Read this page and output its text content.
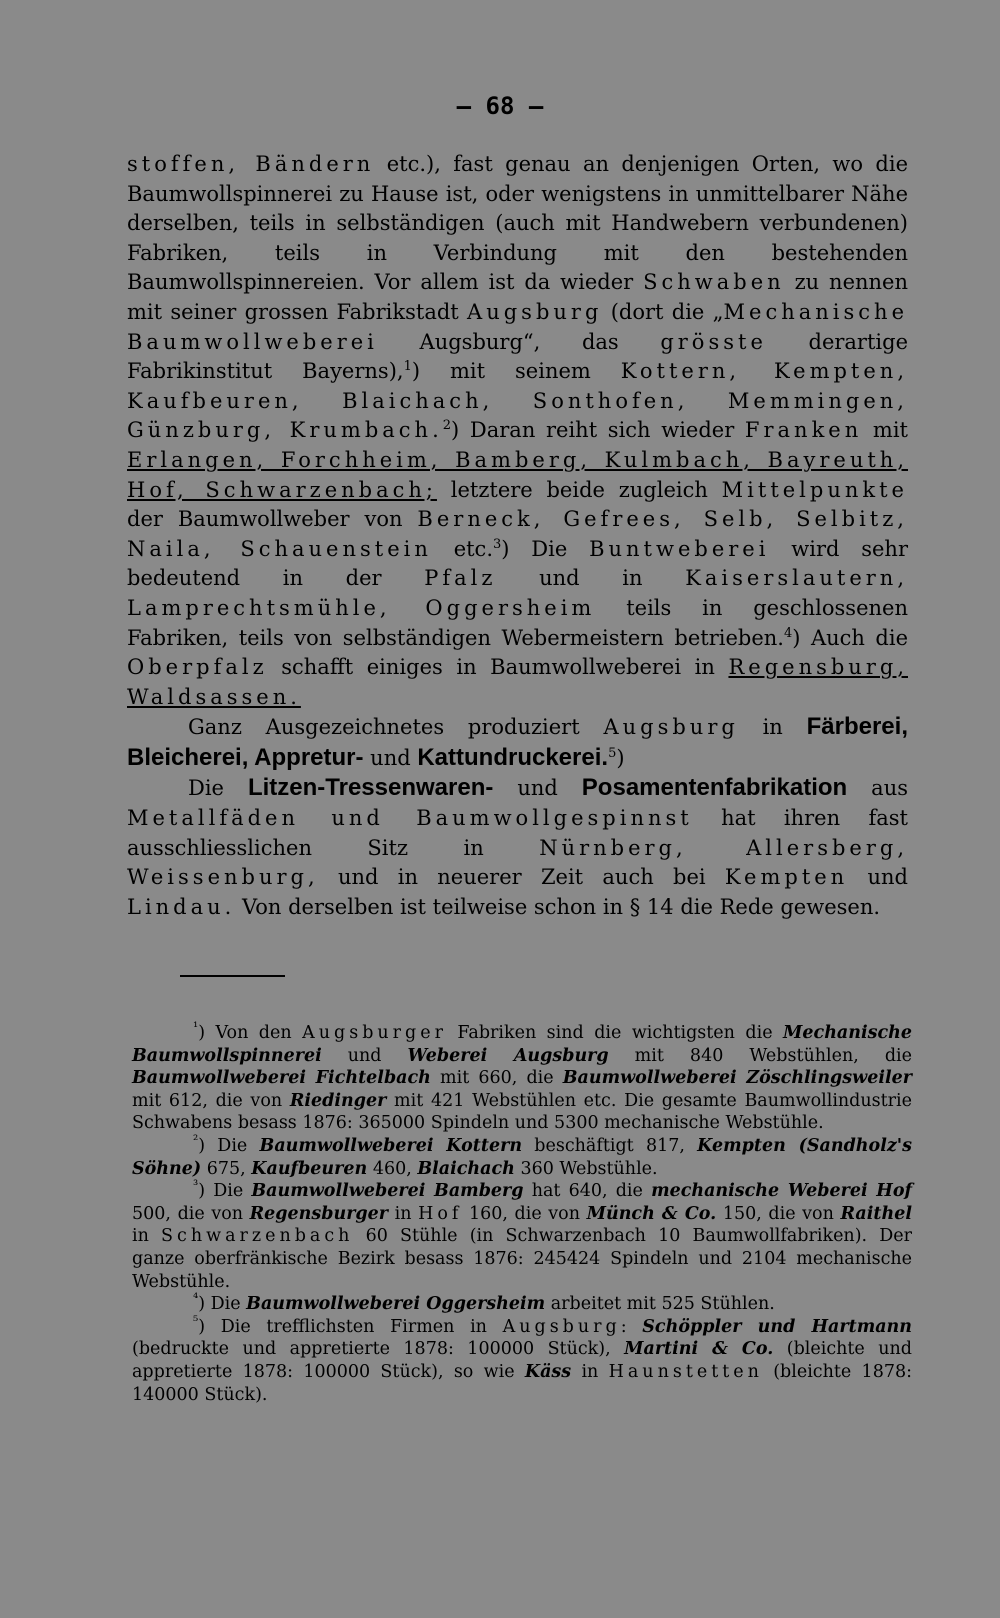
— 68 —

stoffen, Bändern etc.), fast genau an denjenigen Orten, wo die Baumwollspinnerei zu Hause ist, oder wenigstens in unmittelbarer Nähe derselben, teils in selbständigen (auch mit Handwebern verbundenen) Fabriken, teils in Verbindung mit den bestehenden Baumwollspinnereien. Vor allem ist da wieder Schwaben zu nennen mit seiner grossen Fabrikstadt Augsburg (dort die „Mechanische Baumwollweberei Augsburg“, das grösste derartige Fabrikinstitut Bayerns),$^1$) mit seinem Kottern, Kempten, Kaufbeuren, Blaichach, Sonthofen, Memmingen, Günzburg, Krumbach.$^2$) Daran reiht sich wieder Franken mit Erlangen, Forchheim, Bamberg, Kulmbach, Bayreuth, Hof, Schwarzenbach; letztere beide zugleich Mittelpunkte der Baumwollweber von Berneck, Gefrees, Selb, Selbitz, Naila, Schauenstein etc.$^3$) Die Buntweberei wird sehr bedeutend in der Pfalz und in Kaiserslautern, Lamprechtsmühle, Oggersheim teils in geschlossenen Fabriken, teils von selbständigen Webermeistern betrieben.$^4$) Auch die Oberpfalz schafft einiges in Baumwollweberei in Regensburg, Waldsassen.

Ganz Ausgezeichnetes produziert Augsburg in Färberei, Bleicherei, Appretur- und Kattundruckerei.$^5$)

Die Litzen-Tressenwaren- und Posamentenfabrikation aus Metallfäden und Baumwollgespinnst hat ihren fast ausschliesslichen Sitz in Nürnberg, Allersberg, Weissenburg, und in neuerer Zeit auch bei Kempten und Lindau. Von derselben ist teilweise schon in § 14 die Rede gewesen.

$^{^1}$) Von den Augsburger Fabriken sind die wichtigsten die Mechanische Baumwollspinnerei und Weberei Augsburg mit 840 Webstühlen, die Baumwollweberei Fichtelbach mit 660, die Baumwollweberei Zöschlingsweiler mit 612, die von Riedinger mit 421 Webstühlen etc. Die gesamte Baumwollindustrie Schwabens besass 1876: 365000 Spindeln und 5300 mechanische Webstühle.

$^{^2}$) Die Baumwollweberei Kottern beschäftigt 817, Kempten (Sandholz's Söhne) 675, Kaufbeuren 460, Blaichach 360 Webstühle.

$^{^3}$) Die Baumwollweberei Bamberg hat 640, die mechanische Weberei Hof 500, die von Regensburger in Hof 160, die von Münch & Co. 150, die von Raithel in Schwarzenbach 60 Stühle (in Schwarzenbach 10 Baumwollfabriken). Der ganze oberfränkische Bezirk besass 1876: 245424 Spindeln und 2104 mechanische Webstühle.

$^{^4}$) Die Baumwollweberei Oggersheim arbeitet mit 525 Stühlen.

$^{^5}$) Die trefflichsten Firmen in Augsburg: Schöppler und Hartmann (bedruckte und appretierte 1878: 100000 Stück), Martini & Co. (bleichte und appretierte 1878: 100000 Stück), so wie Käss in Haunstetten (bleichte 1878: 140000 Stück).
